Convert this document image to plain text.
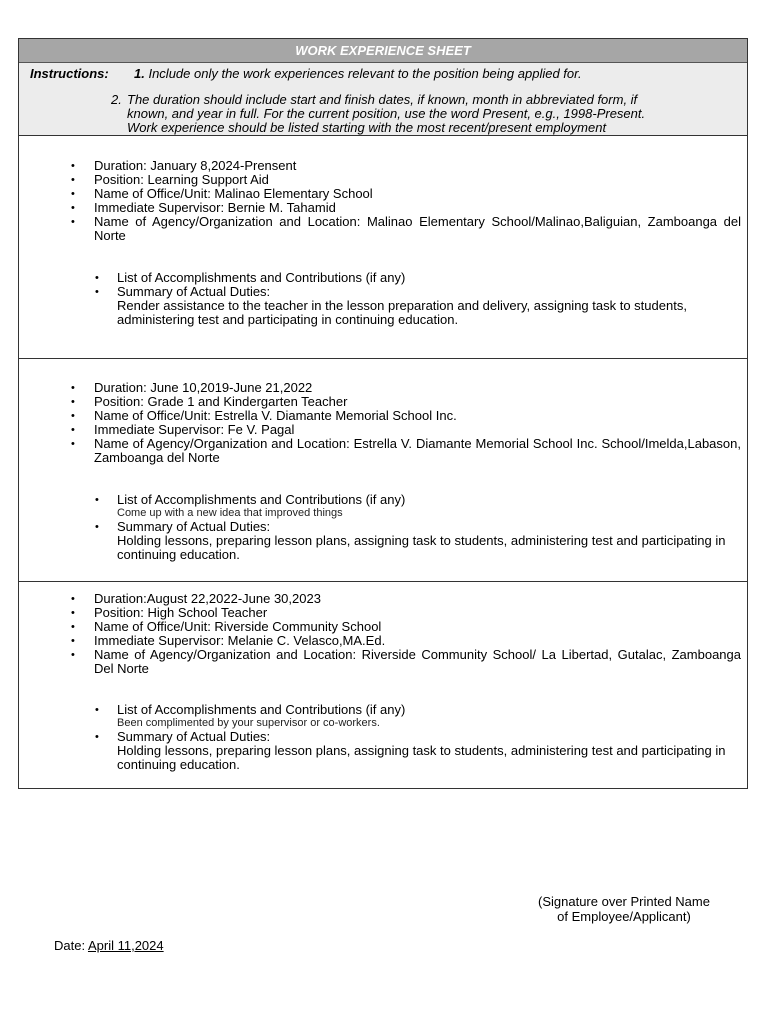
WORK EXPERIENCE SHEET
Instructions: 1. Include only the work experiences relevant to the position being applied for.
2. The duration should include start and finish dates, if known, month in abbreviated form, if
known, and year in full. For the current position, use the word Present, e.g., 1998-Present.
Work experience should be listed starting with the most recent/present employment
• Duration: January 8,2024-Prensent
• Position: Learning Support Aid
• Name of Office/Unit: Malinao Elementary School
• Immediate Supervisor: Bernie M. Tahamid
• Name of Agency/Organization and Location: Malinao Elementary School/Malinao,Baliguian, Zamboanga del Norte
• List of Accomplishments and Contributions (if any)
• Summary of Actual Duties:
Render assistance to the teacher in the lesson preparation and delivery, assigning task to students, administering test and participating in continuing education.
• Duration: June 10,2019-June 21,2022
• Position: Grade 1 and Kindergarten Teacher
• Name of Office/Unit: Estrella V. Diamante Memorial School Inc.
• Immediate Supervisor: Fe V. Pagal
• Name of Agency/Organization and Location: Estrella V. Diamante Memorial School Inc. School/Imelda,Labason, Zamboanga del Norte
• List of Accomplishments and Contributions (if any)
Come up with a new idea that improved things
• Summary of Actual Duties:
Holding lessons, preparing lesson plans, assigning task to students, administering test and participating in continuing education.
• Duration:August 22,2022-June 30,2023
• Position: High School Teacher
• Name of Office/Unit: Riverside Community School
• Immediate Supervisor: Melanie C. Velasco,MA.Ed.
• Name of Agency/Organization and Location: Riverside Community School/ La Libertad, Gutalac, Zamboanga Del Norte
• List of Accomplishments and Contributions (if any)
Been complimented by your supervisor or co-workers.
• Summary of Actual Duties:
Holding lessons, preparing lesson plans, assigning task to students, administering test and participating in continuing education.
(Signature over Printed Name
of Employee/Applicant)
Date: April 11,2024
